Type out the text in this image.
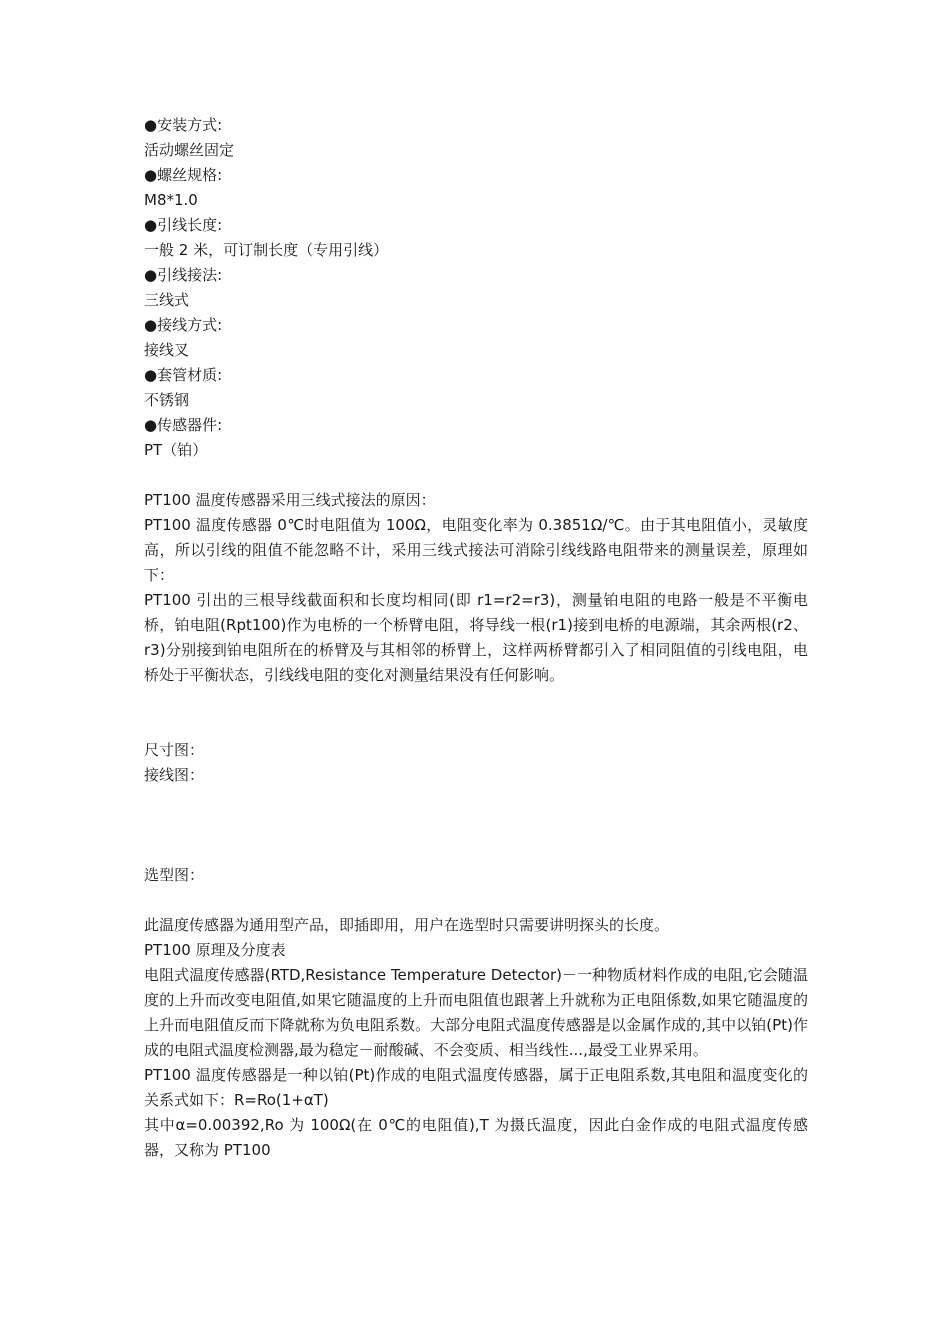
●安装方式:
活动螺丝固定
●螺丝规格:
M8*1.0
●引线长度:
一般 2 米，可订制长度（专用引线）
●引线接法:
三线式
●接线方式:
接线叉
●套管材质:
不锈钢
●传感器件:
PT（铂）
PT100 温度传感器采用三线式接法的原因：
PT100 温度传感器 0℃时电阻值为 100Ω，电阻变化率为 0.3851Ω/℃。由于其电阻值小，灵敏度高，所以引线的阻值不能忽略不计，采用三线式接法可消除引线线路电阻带来的测量误差，原理如下：
PT100 引出的三根导线截面积和长度均相同(即 r1=r2=r3)，测量铂电阻的电路一般是不平衡电桥，铂电阻(Rpt100)作为电桥的一个桥臂电阻，将导线一根(r1)接到电桥的电源端，其余两根(r2、r3)分别接到铂电阻所在的桥臂及与其相邻的桥臂上，这样两桥臂都引入了相同阻值的引线电阻，电桥处于平衡状态，引线线电阻的变化对测量结果没有任何影响。
尺寸图：
接线图：
选型图：
此温度传感器为通用型产品，即插即用，用户在选型时只需要讲明探头的长度。
PT100 原理及分度表
电阻式温度传感器(RTD,Resistance Temperature Detector)－一种物质材料作成的电阻,它会随温度的上升而改变电阻值,如果它随温度的上升而电阻值也跟著上升就称为正电阻係数,如果它随温度的上升而电阻值反而下降就称为负电阻系数。大部分电阻式温度传感器是以金属作成的,其中以铂(Pt)作成的电阻式温度检测器,最为稳定－耐酸碱、不会变质、相当线性...,最受工业界采用。
PT100 温度传感器是一种以铂(Pt)作成的电阻式温度传感器，属于正电阻系数,其电阻和温度变化的关系式如下：R=Ro(1+αT)
其中α=0.00392,Ro 为 100Ω(在 0℃的电阻值),T 为摄氏温度，因此白金作成的电阻式温度传感器，又称为 PT100
